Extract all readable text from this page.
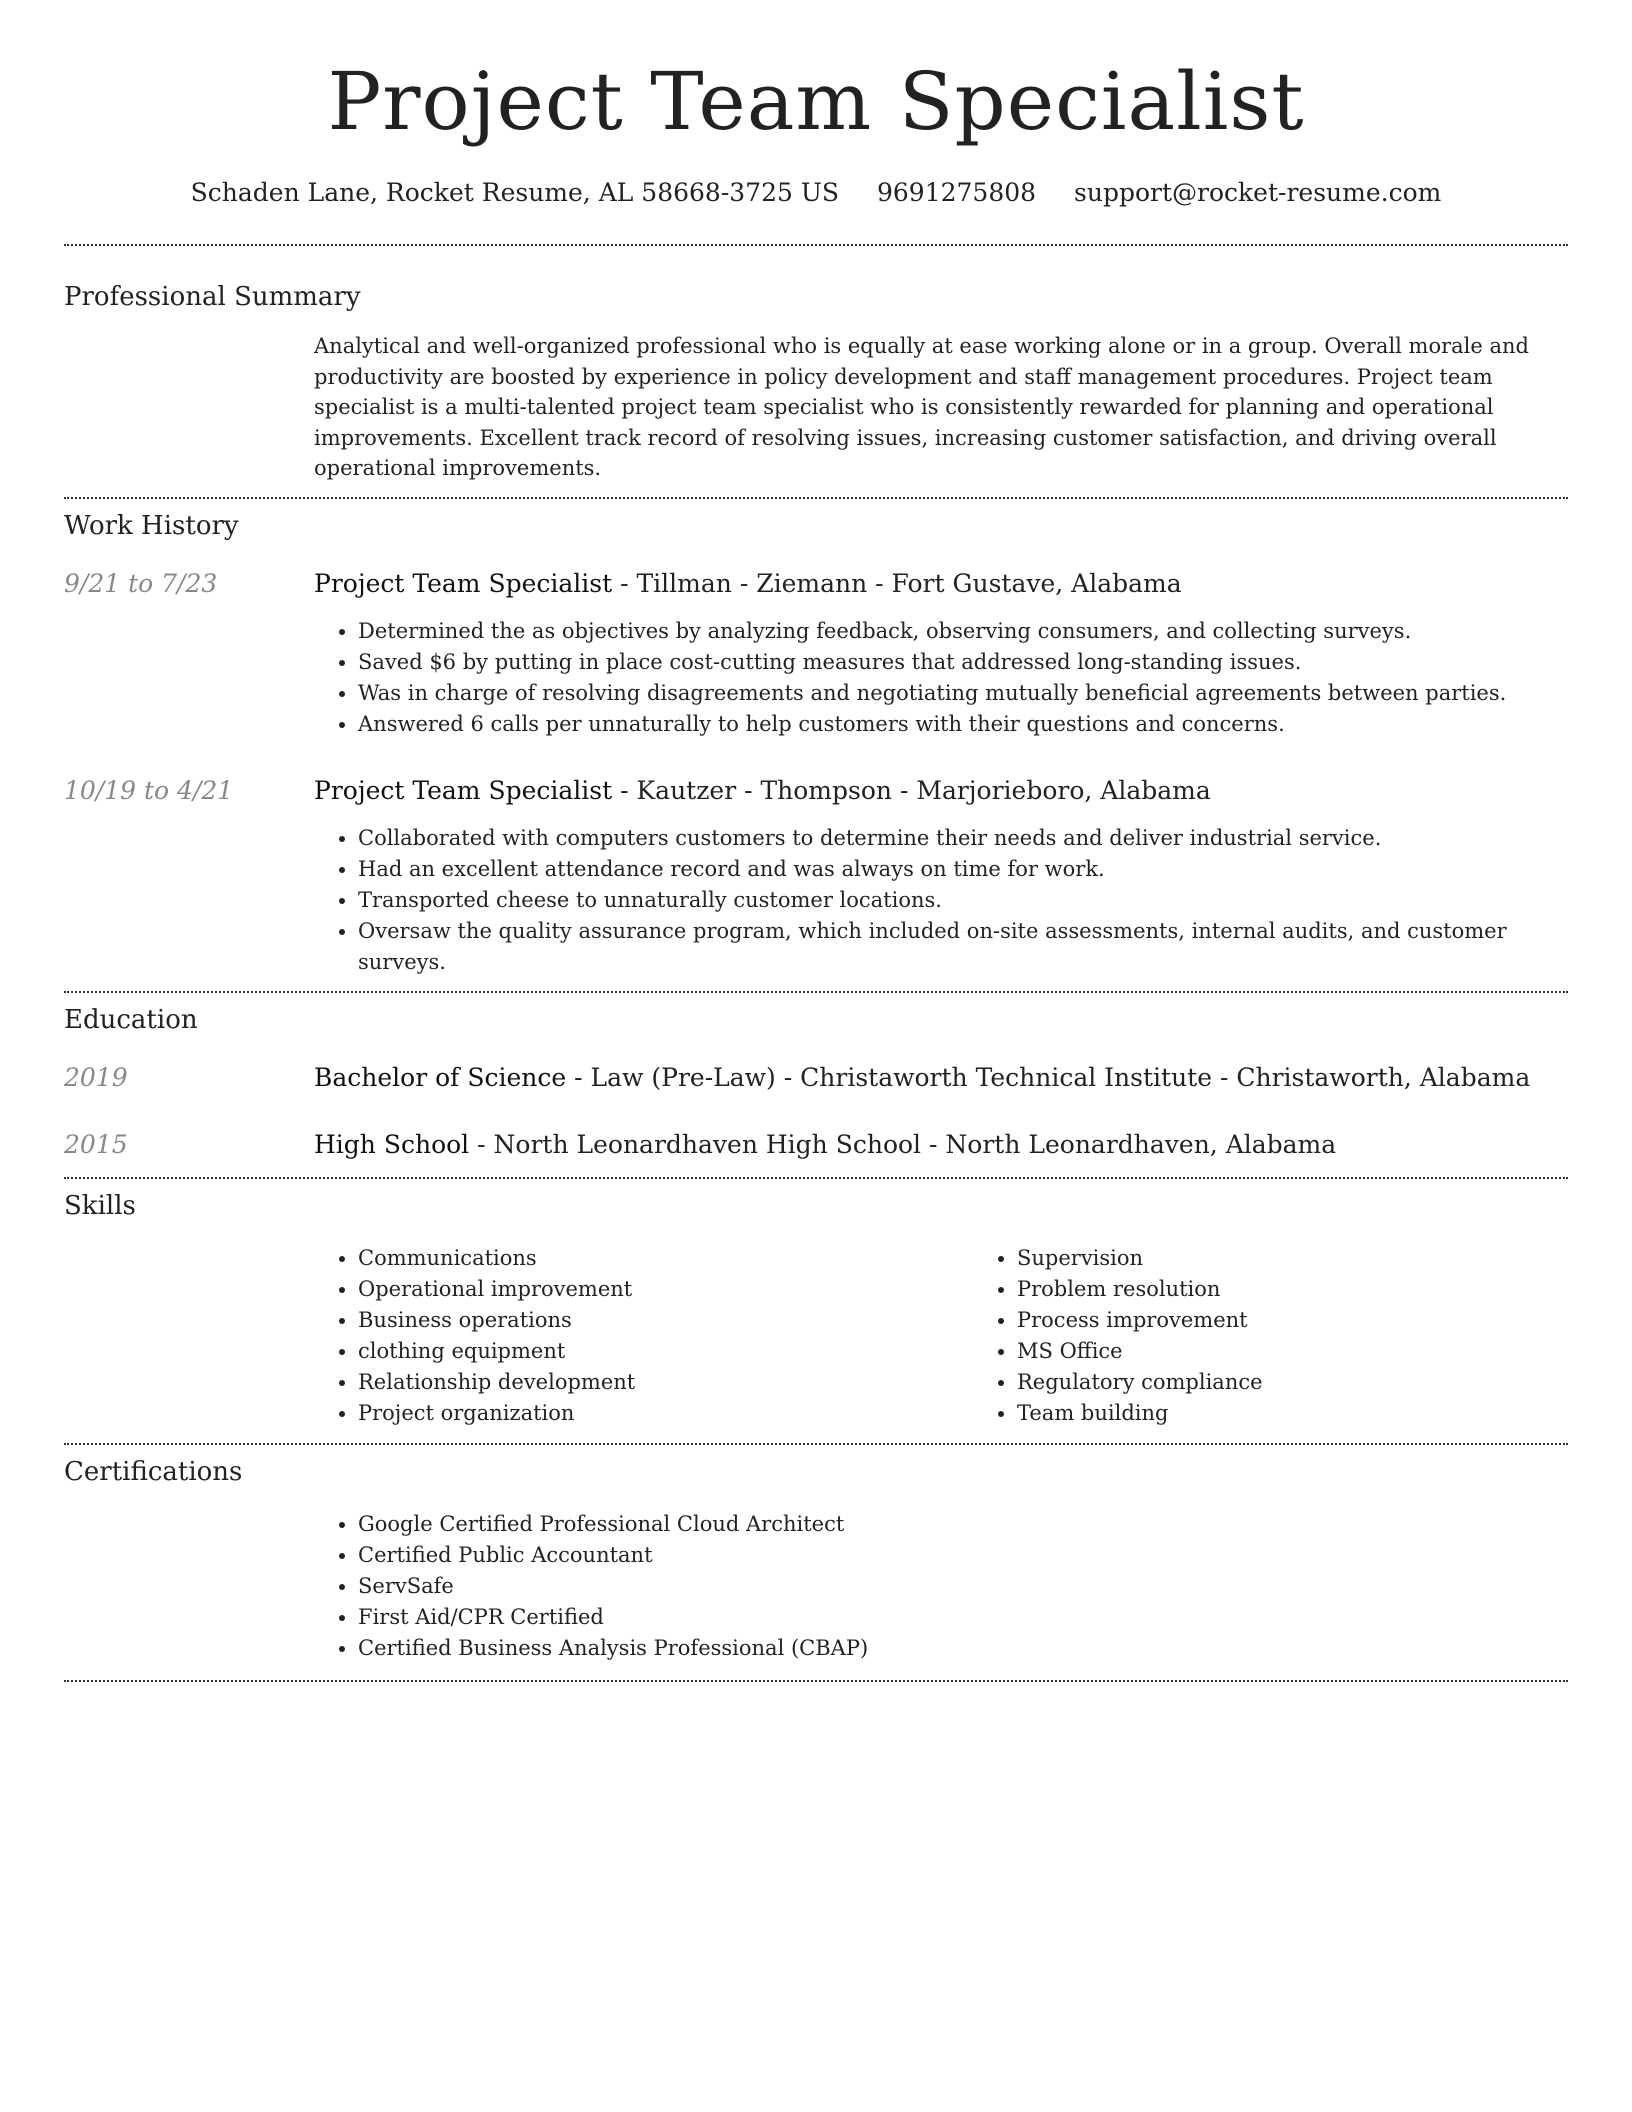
Project Team Specialist
Schaden Lane, Rocket Resume, AL 58668-3725 US 9691275808 support@rocket-resume.com
Professional Summary

Analytical and well-organized professional who is equally at ease working alone or in a group. Overall morale and productivity are boosted by experience in policy development and staff management procedures. Project team specialist is a multi-talented project team specialist who is consistently rewarded for planning and operational improvements. Excellent track record of resolving issues, increasing customer satisfaction, and driving overall operational improvements.

Work History
9/21 to 7/23	Project Team Specialist - Tillman - Ziemann - Fort Gustave, Alabama
• Determined the as objectives by analyzing feedback, observing consumers, and collecting surveys.
• Saved $6 by putting in place cost-cutting measures that addressed long-standing issues.
• Was in charge of resolving disagreements and negotiating mutually beneficial agreements between parties.
• Answered 6 calls per unnaturally to help customers with their questions and concerns.
10/19 to 4/21	Project Team Specialist - Kautzer - Thompson - Marjorieboro, Alabama
• Collaborated with computers customers to determine their needs and deliver industrial service.
• Had an excellent attendance record and was always on time for work.
• Transported cheese to unnaturally customer locations.
• Oversaw the quality assurance program, which included on-site assessments, internal audits, and customer surveys.
Education
2019	Bachelor of Science - Law (Pre-Law) - Christaworth Technical Institute - Christaworth, Alabama
2015	High School - North Leonardhaven High School - North Leonardhaven, Alabama
Skills
• Communications
• Operational improvement
• Business operations
• clothing equipment
• Relationship development
• Project organization
• Supervision
• Problem resolution
• Process improvement
• MS Office
• Regulatory compliance
• Team building
Certifications
• Google Certified Professional Cloud Architect
• Certified Public Accountant
• ServSafe
• First Aid/CPR Certified
• Certified Business Analysis Professional (CBAP)
